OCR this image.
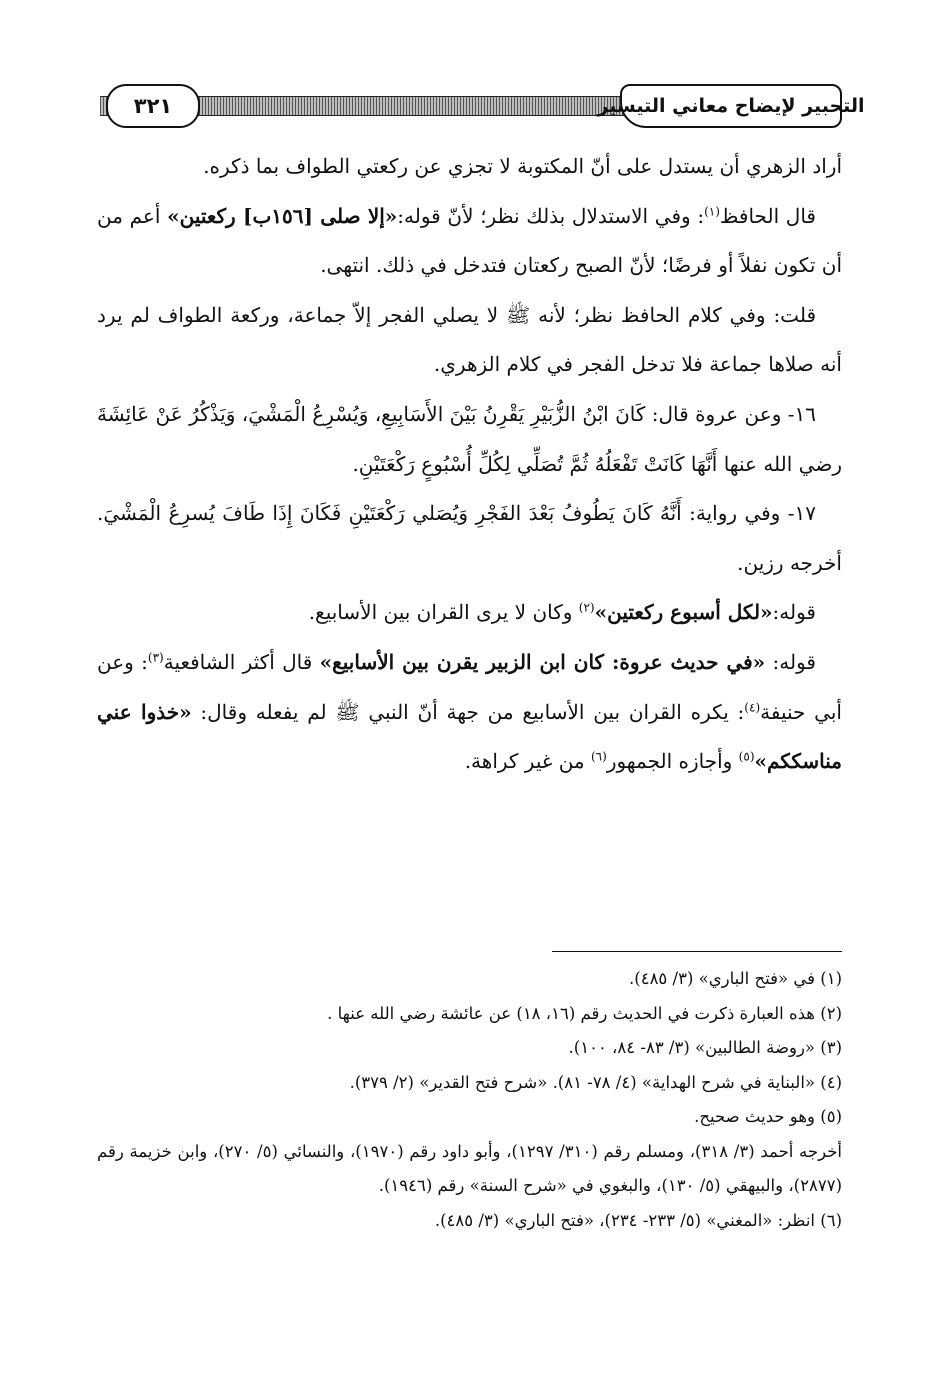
التحبير لإيضاح معاني التيسير
٣٢١

أراد الزهري أن يستدل على أنّ المكتوبة لا تجزي عن ركعتي الطواف بما ذكره.

قال الحافظ$^{(١)}$: وفي الاستدلال بذلك نظر؛ لأنّ قوله:«إلا صلى [١٥٦ب] ركعتين» أعم من أن تكون نفلاً أو فرضًا؛ لأنّ الصبح ركعتان فتدخل في ذلك. انتهى.

قلت: وفي كلام الحافظ نظر؛ لأنه ﷺ لا يصلي الفجر إلاّ جماعة، وركعة الطواف لم يرد أنه صلاها جماعة فلا تدخل الفجر في كلام الزهري.

١٦- وعن عروة قال: كَانَ ابْنُ الزُّبَيْرِ يَقْرِنُ بَيْنَ الأَسَابِيعِ، وَيُسْرِعُ الْمَشْيَ، وَيَذْكُرُ عَنْ عَائِشَةَ رضي الله عنها أَنَّهَا كَانَتْ تَفْعَلُهُ ثُمَّ تُصَلِّي لِكُلِّ أُسْبُوعٍ رَكْعَتَيْنِ.

١٧- وفي رواية: أَنَّهُ كَانَ يَطُوفُ بَعْدَ الفَجْرِ وَيُصَلي رَكْعَتَيْنِ فَكَانَ إِذَا طَافَ يُسرِعُ الْمَشْيَ. أخرجه رزين.

قوله:«لكل أسبوع ركعتين»$^{(٢)}$ وكان لا يرى القران بين الأسابيع.

قوله: «في حديث عروة: كان ابن الزبير يقرن بين الأسابيع» قال أكثر الشافعية$^{(٣)}$: وعن أبي حنيفة$^{(٤)}$: يكره القران بين الأسابيع من جهة أنّ النبي ﷺ لم يفعله وقال: «خذوا عني مناسككم»$^{(٥)}$ وأجازه الجمهور$^{(٦)}$ من غير كراهة.

(١) في «فتح الباري» (٣/ ٤٨٥).

(٢) هذه العبارة ذكرت في الحديث رقم (١٦، ١٨) عن عائشة رضي الله عنها .

(٣) «روضة الطالبين» (٣/ ٨٣- ٨٤، ١٠٠).

(٤) «البناية في شرح الهداية» (٤/ ٧٨- ٨١). «شرح فتح القدير» (٢/ ٣٧٩).

(٥) وهو حديث صحيح.

أخرجه أحمد (٣/ ٣١٨)، ومسلم رقم (٣١٠/ ١٢٩٧)، وأبو داود رقم (١٩٧٠)، والنسائي (٥/ ٢٧٠)، وابن خزيمة رقم (٢٨٧٧)، والبيهقي (٥/ ١٣٠)، والبغوي في «شرح السنة» رقم (١٩٤٦).

(٦) انظر: «المغني» (٥/ ٢٣٣- ٢٣٤)، «فتح الباري» (٣/ ٤٨٥).
